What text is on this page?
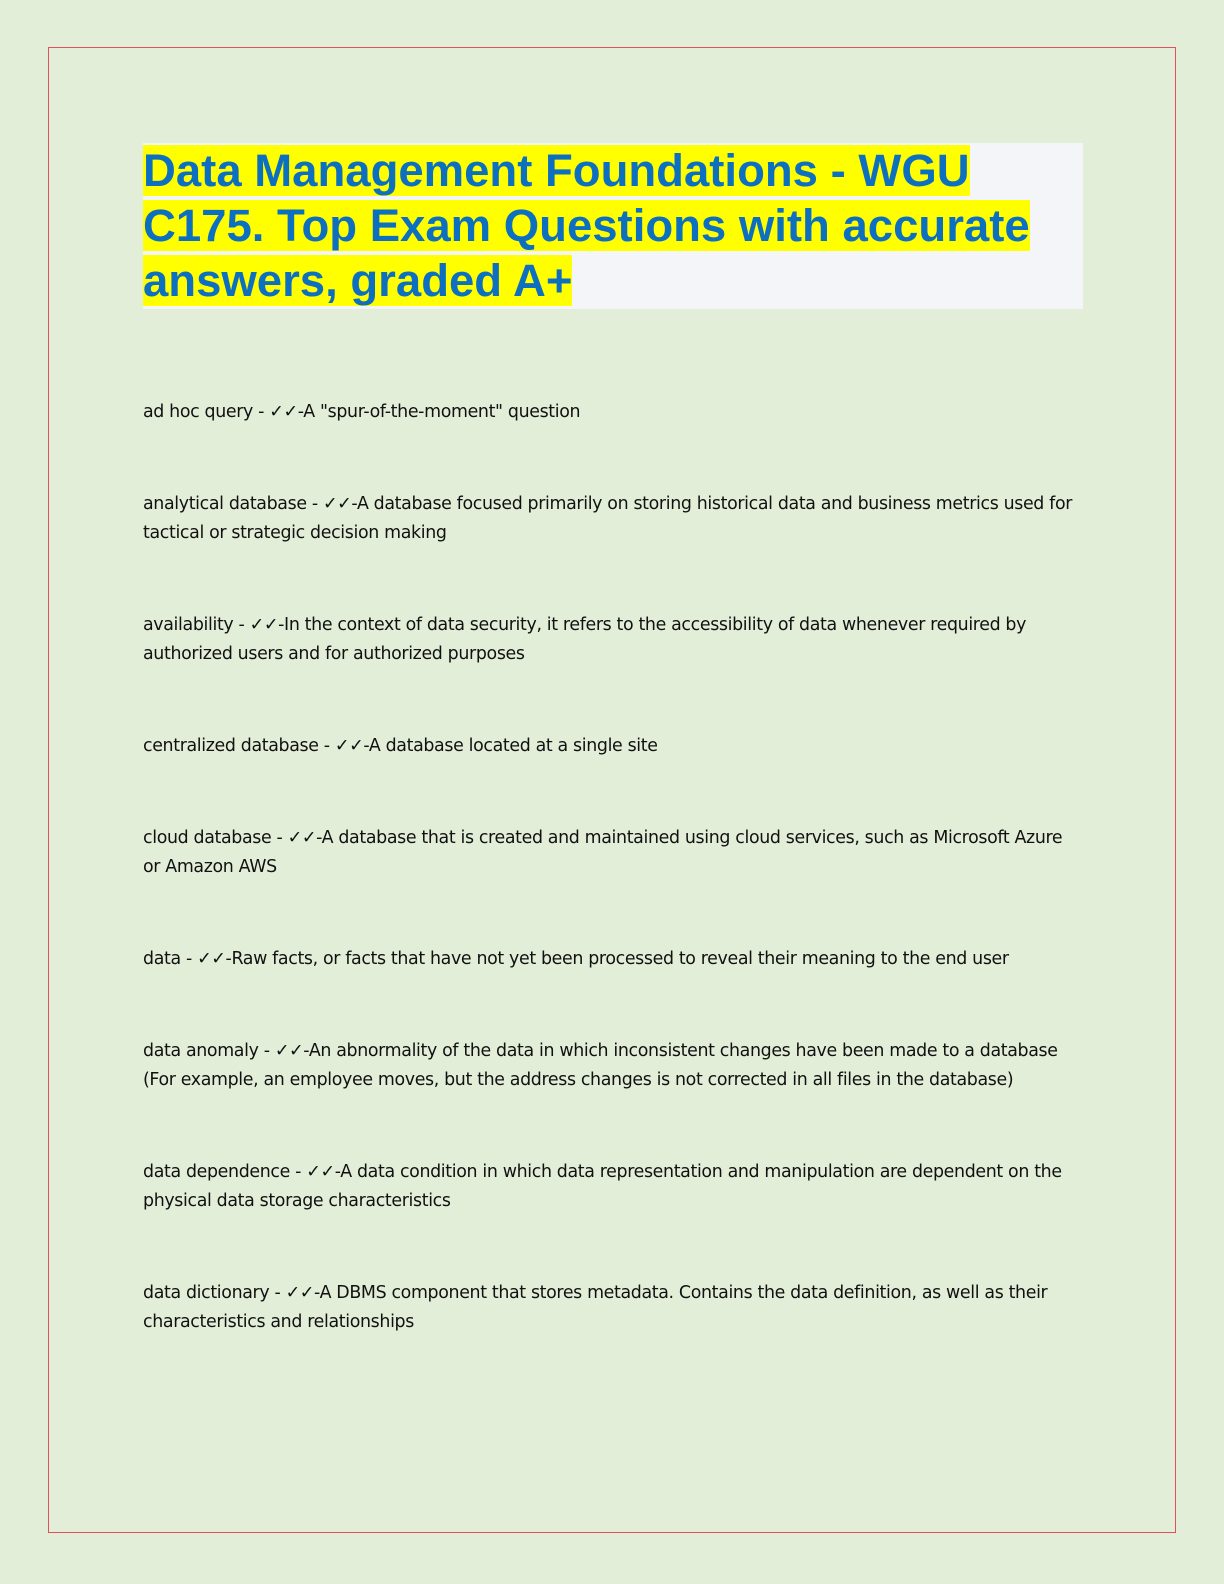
Data Management Foundations - WGU
C175. Top Exam Questions with accurate
answers, graded A+

ad hoc query - ✓✓-A "spur-of-the-moment" question

analytical database - ✓✓-A database focused primarily on storing historical data and business metrics used for tactical or strategic decision making

availability - ✓✓-In the context of data security, it refers to the accessibility of data whenever required by authorized users and for authorized purposes

centralized database - ✓✓-A database located at a single site

cloud database - ✓✓-A database that is created and maintained using cloud services, such as Microsoft Azure or Amazon AWS

data - ✓✓-Raw facts, or facts that have not yet been processed to reveal their meaning to the end user

data anomaly - ✓✓-An abnormality of the data in which inconsistent changes have been made to a database (For example, an employee moves, but the address changes is not corrected in all files in the database)

data dependence - ✓✓-A data condition in which data representation and manipulation are dependent on the physical data storage characteristics

data dictionary - ✓✓-A DBMS component that stores metadata. Contains the data definition, as well as their characteristics and relationships
